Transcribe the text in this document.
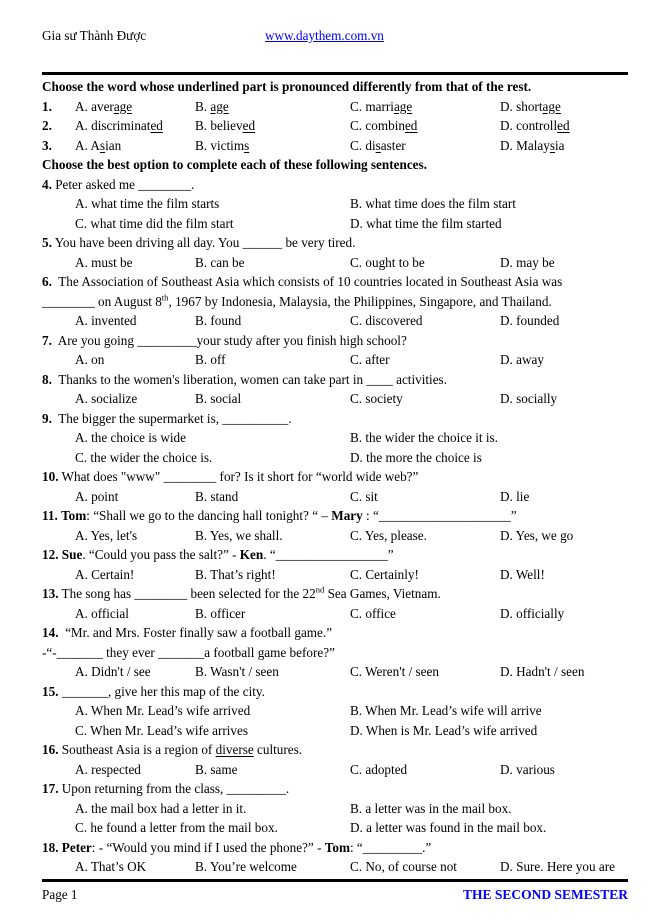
Gia sư Thành Được	www.daythem.com.vn
Choose the word whose underlined part is pronounced differently from that of the rest.
1.	A. average	B. age	C. marriage	D. shortage
2.	A. discriminated	B. believed	C. combined	D. controlled
3.	A. Asian	B. victims	C. disaster	D. Malaysia
Choose the best option to complete each of these following sentences.
4. Peter asked me ________.
A. what time the film starts	B. what time does the film start
C. what time did the film start	D. what time the film started
5. You have been driving all day. You ______ be very tired.
A. must be	B. can be	C. ought to be	D. may be
6.  The Association of Southeast Asia which consists of 10 countries located in Southeast Asia was
________ on August 8th, 1967 by Indonesia, Malaysia, the Philippines, Singapore, and Thailand.
A. invented	B. found	C. discovered	D. founded
7.  Are you going _________your study after you finish high school?
A. on	B. off	C. after	D. away
8.  Thanks to the women's liberation, women can take part in ____ activities.
A. socialize	B. social	C. society	D. socially
9.  The bigger the supermarket is, __________.
A. the choice is wide	B. the wider the choice it is.
C. the wider the choice is.	D. the more the choice is
10. What does "www" ________ for? Is it short for “world wide web?”
A. point	B. stand	C. sit	D. lie
11. Tom: “Shall we go to the dancing hall tonight? “ – Mary : “____________________”
A. Yes, let's	B. Yes, we shall.	C. Yes, please.	D. Yes, we go
12. Sue. “Could you pass the salt?” - Ken. “_________________”
A. Certain!	B. That’s right!	C. Certainly!	D. Well!
13. The song has ________ been selected for the 22nd Sea Games, Vietnam.
A. official	B. officer	C. office	D. officially
14.  “Mr. and Mrs. Foster finally saw a football game.”
-“-_______ they ever _______a football game before?”
A. Didn't / see	B. Wasn't / seen	C. Weren't / seen	D. Hadn't / seen
15. _______, give her this map of the city.
A. When Mr. Lead’s wife arrived	B. When Mr. Lead’s wife will arrive
C. When Mr. Lead’s wife arrives	D. When is Mr. Lead’s wife arrived
16. Southeast Asia is a region of diverse cultures.
A. respected	B. same	C. adopted	D. various
17. Upon returning from the class, _________.
A. the mail box had a letter in it.	B. a letter was in the mail box.
C. he found a letter from the mail box.	D. a letter was found in the mail box.
18. Peter: - “Would you mind if I used the phone?” - Tom: “_________.”
A. That’s OK	B. You’re welcome	C. No, of course not	D. Sure. Here you are
Page 1	THE SECOND SEMESTER
